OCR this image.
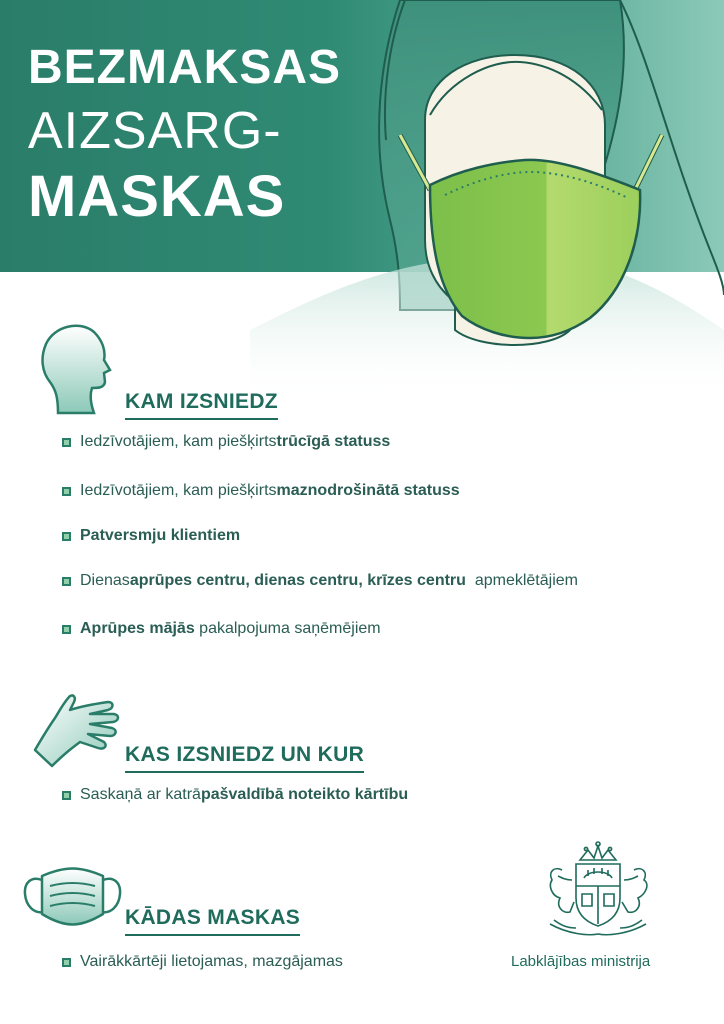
BEZMAKSAS
AIZSARG-
MASKAS
KAM IZSNIEDZ
Iedzīvotājiem, kam piešķirts trūcīgā statuss
Iedzīvotājiem, kam piešķirts maznodrošinātā statuss
Patversmju klientiem
Dienas aprūpes centru, dienas centru, krīzes centru apmeklētājiem
Aprūpes mājās pakalpojuma saņēmējiem
KAS IZSNIEDZ UN KUR
Saskaņā ar katrā pašvaldībā noteikto kārtību
KĀDAS MASKAS
Vairākkārtēji lietojamas, mazgājamas	Labklājības ministrija
